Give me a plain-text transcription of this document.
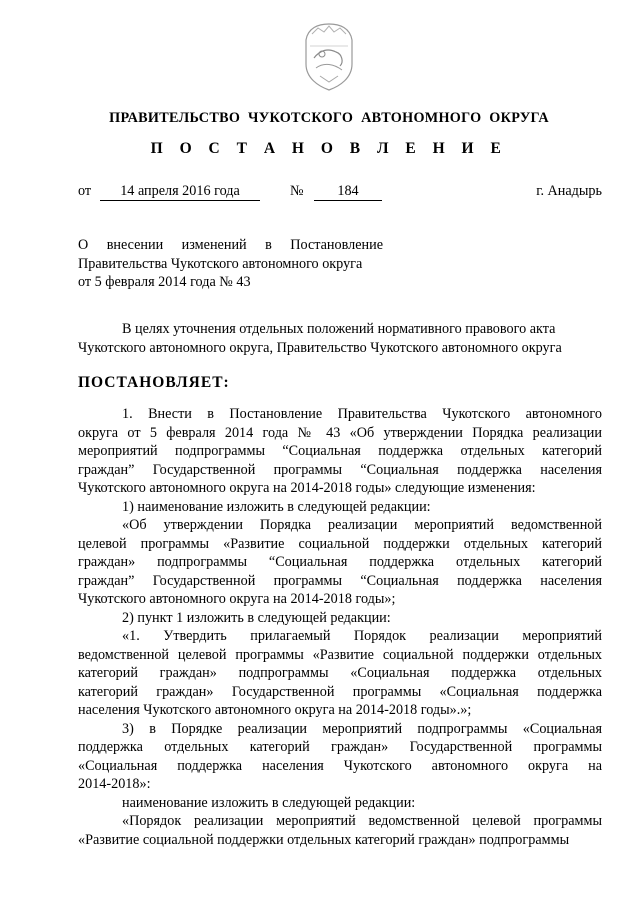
ПРАВИТЕЛЬСТВО ЧУКОТСКОГО АВТОНОМНОГО ОКРУГА
П О С Т А Н О В Л Е Н И Е
от	14 апреля 2016 года	№	184	г. Анадырь
О внесении изменений в Постановление
Правительства Чукотского автономного округа
от 5 февраля 2014 года № 43
В целях уточнения отдельных положений нормативного правового акта
Чукотского автономного округа, Правительство Чукотского автономного округа
ПОСТАНОВЛЯЕТ:
1. Внести в Постановление Правительства Чукотского автономного
округа от 5 февраля 2014 года № 43 «Об утверждении Порядка реализации
мероприятий подпрограммы “Социальная поддержка отдельных категорий
граждан” Государственной программы “Социальная поддержка населения
Чукотского автономного округа на 2014-2018 годы» следующие изменения:
1) наименование изложить в следующей редакции:
«Об утверждении Порядка реализации мероприятий ведомственной
целевой программы «Развитие социальной поддержки отдельных категорий
граждан» подпрограммы “Социальная поддержка отдельных категорий
граждан” Государственной программы “Социальная поддержка населения
Чукотского автономного округа на 2014-2018 годы»;
2) пункт 1 изложить в следующей редакции:
«1. Утвердить прилагаемый Порядок реализации мероприятий
ведомственной целевой программы «Развитие социальной поддержки отдельных
категорий граждан» подпрограммы «Социальная поддержка отдельных
категорий граждан» Государственной программы «Социальная поддержка
населения Чукотского автономного округа на 2014-2018 годы».»;
3) в Порядке реализации мероприятий подпрограммы «Социальная
поддержка отдельных категорий граждан» Государственной программы
«Социальная поддержка населения Чукотского автономного округа на
2014-2018»:
наименование изложить в следующей редакции:
«Порядок реализации мероприятий ведомственной целевой программы
«Развитие социальной поддержки отдельных категорий граждан» подпрограммы
